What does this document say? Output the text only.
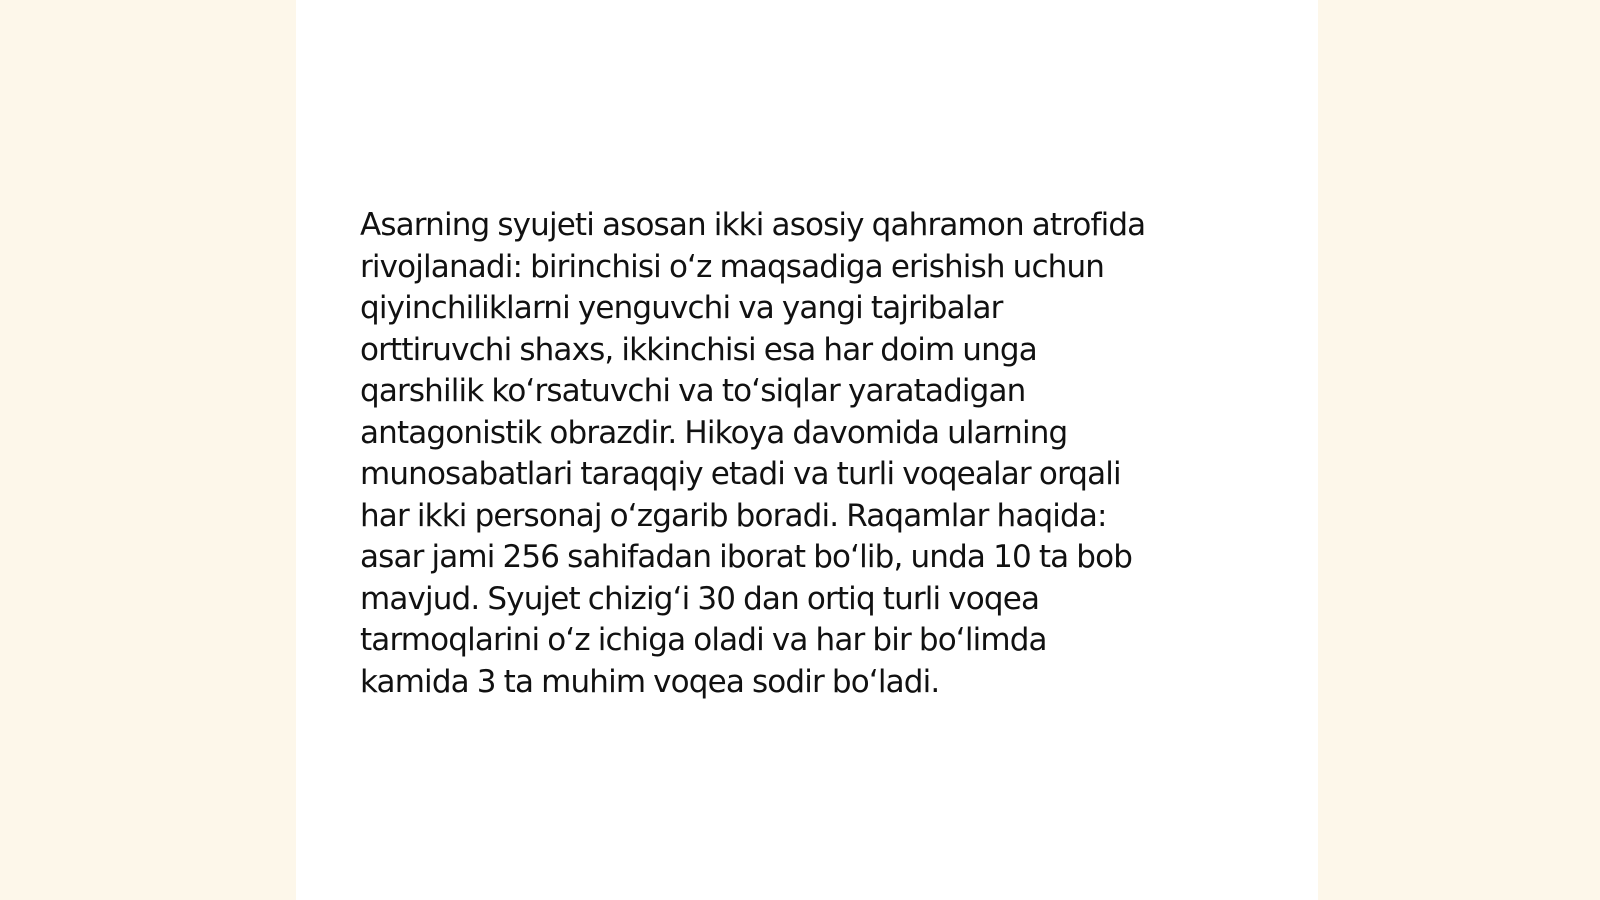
Asarning syujeti asosan ikki asosiy qahramon atrofida
rivojlanadi: birinchisi oʻz maqsadiga erishish uchun
qiyinchiliklarni yenguvchi va yangi tajribalar
orttiruvchi shaxs, ikkinchisi esa har doim unga
qarshilik koʻrsatuvchi va toʻsiqlar yaratadigan
antagonistik obrazdir. Hikoya davomida ularning
munosabatlari taraqqiy etadi va turli voqealar orqali
har ikki personaj oʻzgarib boradi. Raqamlar haqida:
asar jami 256 sahifadan iborat boʻlib, unda 10 ta bob
mavjud. Syujet chizigʻi 30 dan ortiq turli voqea
tarmoqlarini oʻz ichiga oladi va har bir boʻlimda
kamida 3 ta muhim voqea sodir boʻladi.
